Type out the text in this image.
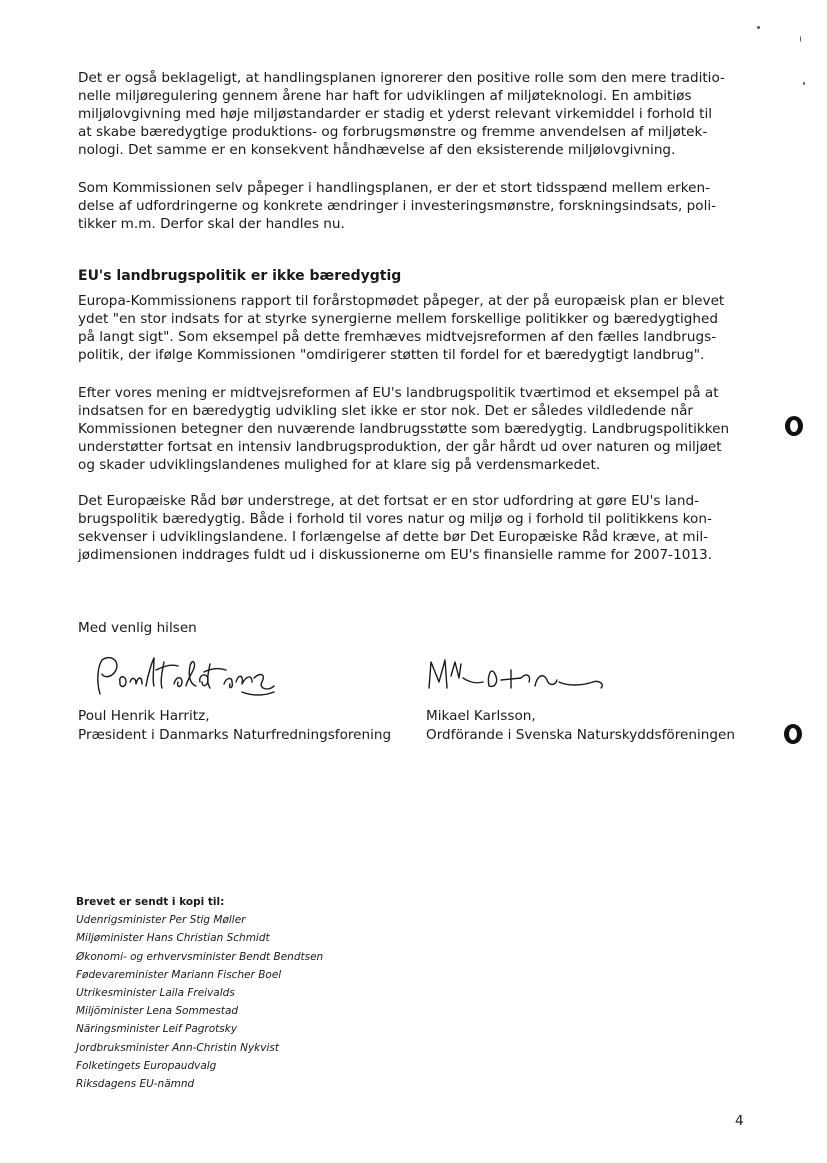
Det er også beklageligt, at handlingsplanen ignorerer den positive rolle som den mere traditio-
nelle miljøregulering gennem årene har haft for udviklingen af miljøteknologi. En ambitiøs
miljølovgivning med høje miljøstandarder er stadig et yderst relevant virkemiddel i forhold til
at skabe bæredygtige produktions- og forbrugsmønstre og fremme anvendelsen af miljøtek-
nologi. Det samme er en konsekvent håndhævelse af den eksisterende miljølovgivning.

Som Kommissionen selv påpeger i handlingsplanen, er der et stort tidsspænd mellem erken-
delse af udfordringerne og konkrete ændringer i investeringsmønstre, forskningsindsats, poli-
tikker m.m. Derfor skal der handles nu.

EU's landbrugspolitik er ikke bæredygtig

Europa-Kommissionens rapport til forårstopmødet påpeger, at der på europæisk plan er blevet
ydet "en stor indsats for at styrke synergierne mellem forskellige politikker og bæredygtighed
på langt sigt". Som eksempel på dette fremhæves midtvejsreformen af den fælles landbrugs-
politik, der ifølge Kommissionen "omdirigerer støtten til fordel for et bæredygtigt landbrug".

Efter vores mening er midtvejsreformen af EU's landbrugspolitik tværtimod et eksempel på at
indsatsen for en bæredygtig udvikling slet ikke er stor nok. Det er således vildledende når
Kommissionen betegner den nuværende landbrugsstøtte som bæredygtig. Landbrugspolitikken
understøtter fortsat en intensiv landbrugsproduktion, der går hårdt ud over naturen og miljøet
og skader udviklingslandenes mulighed for at klare sig på verdensmarkedet.

Det Europæiske Råd bør understrege, at det fortsat er en stor udfordring at gøre EU's land-
brugspolitik bæredygtig. Både i forhold til vores natur og miljø og i forhold til politikkens kon-
sekvenser i udviklingslandene. I forlængelse af dette bør Det Europæiske Råd kræve, at mil-
jødimensionen inddrages fuldt ud i diskussionerne om EU's finansielle ramme for 2007-1013.

Med venlig hilsen
Poul Henrik Harritz,
Præsident i Danmarks Naturfredningsforening
Mikael Karlsson,
Ordförande i Svenska Naturskyddsföreningen
Brevet er sendt i kopi til:
Udenrigsminister Per Stig Møller
Miljøminister Hans Christian Schmidt
Økonomi- og erhvervsminister Bendt Bendtsen
Fødevareminister Mariann Fischer Boel
Utrikesminister Laila Freivalds
Miljöminister Lena Sommestad
Näringsminister Leif Pagrotsky
Jordbruksminister Ann-Christin Nykvist
Folketingets Europaudvalg
Riksdagens EU-nämnd
4
